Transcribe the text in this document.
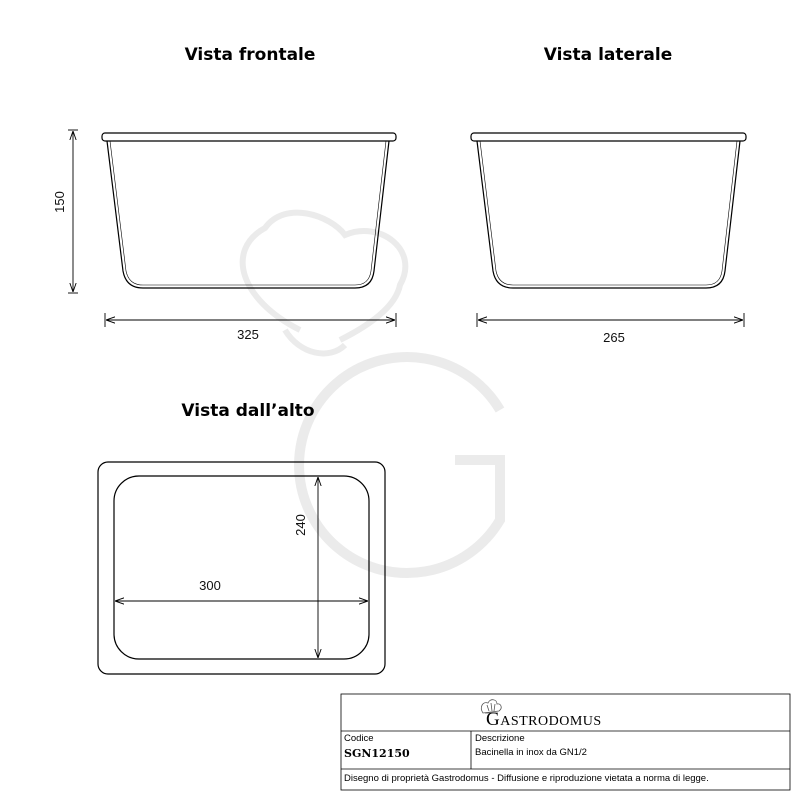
Vista frontale	Vista laterale
Vista dall’alto
150
325	265
300
240
GASTRODOMUS
Codice
SGN12150
Descrizione
Bacinella in inox da GN1/2
Disegno di proprietà Gastrodomus - Diffusione e riproduzione vietata a norma di legge.
